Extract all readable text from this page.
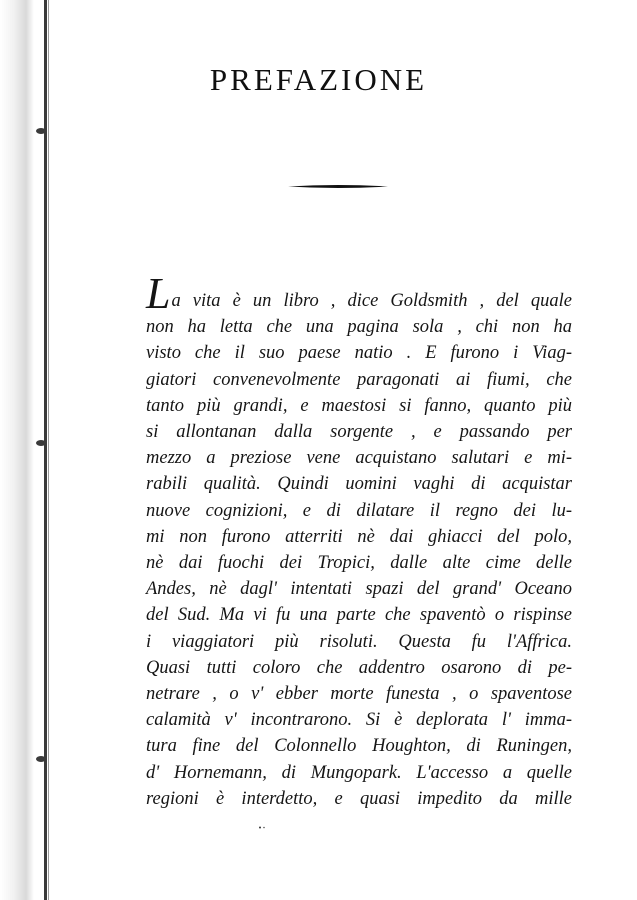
PREFAZIONE
La vita è un libro , dice Goldsmith , del quale
non ha letta che una pagina sola , chi non ha
visto che il suo paese natio . E furono i Viag-
giatori convenevolmente paragonati ai fiumi, che
tanto più grandi, e maestosi si fanno, quanto più
si allontanan dalla sorgente , e passando per
mezzo a preziose vene acquistano salutari e mi-
rabili qualità. Quindi uomini vaghi di acquistar
nuove cognizioni, e di dilatare il regno dei lu-
mi non furono atterriti nè dai ghiacci del polo,
nè dai fuochi dei Tropici, dalle alte cime delle
Andes, nè dagl' intentati spazi del grand' Oceano
del Sud. Ma vi fu una parte che spaventò o rispinse
i viaggiatori più risoluti. Questa fu l'Affrica.
Quasi tutti coloro che addentro osarono di pe-
netrare , o v' ebber morte funesta , o spaventose
calamità v' incontrarono. Si è deplorata l' imma-
tura fine del Colonnello Houghton, di Runingen,
d' Hornemann, di Mungopark. L'accesso a quelle
regioni è interdetto, e quasi impedito da mille
